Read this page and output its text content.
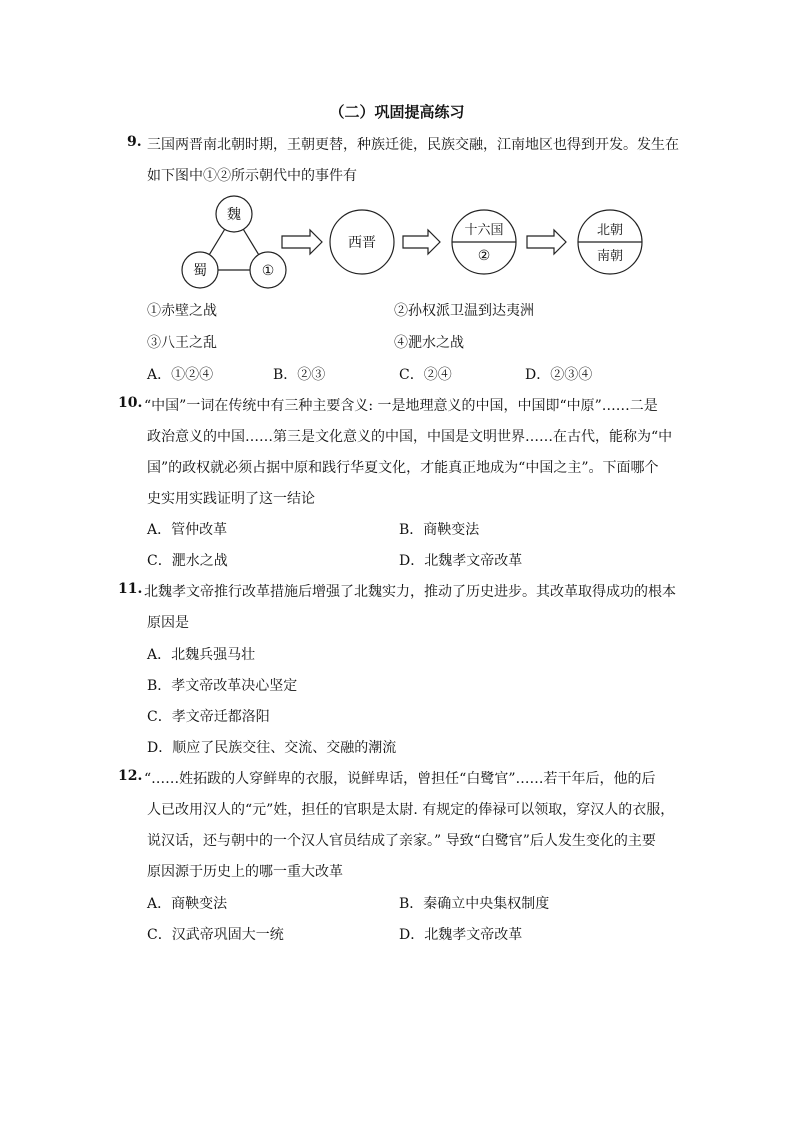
（二）巩固提高练习
9. 三国两晋南北朝时期，王朝更替，种族迁徙，民族交融，江南地区也得到开发。发生在
如下图中①②所示朝代中的事件有
魏
蜀	①
西晋
十六国
②
北朝
南朝
①赤壁之战	②孙权派卫温到达夷洲
③八王之乱	④淝水之战
A．①②④	B．②③	C．②④	D．②③④
10. “中国”一词在传统中有三种主要含义: 一是地理意义的中国，中国即“中原”……二是
政治意义的中国……第三是文化意义的中国，中国是文明世界……在古代，能称为“中
国”的政权就必须占据中原和践行华夏文化，才能真正地成为“中国之主”。下面哪个
史实用实践证明了这一结论
A．管仲改革	B．商鞅变法
C．淝水之战	D．北魏孝文帝改革
11. 北魏孝文帝推行改革措施后增强了北魏实力，推动了历史进步。其改革取得成功的根本
原因是
A．北魏兵强马壮
B．孝文帝改革决心坚定
C．孝文帝迁都洛阳
D．顺应了民族交往、交流、交融的潮流
12. “……姓拓跋的人穿鲜卑的衣服，说鲜卑话，曾担任“白鹭官”……若干年后，他的后
人已改用汉人的“元”姓，担任的官职是太尉. 有规定的俸禄可以领取，穿汉人的衣服，
说汉话，还与朝中的一个汉人官员结成了亲家。” 导致“白鹭官”后人发生变化的主要
原因源于历史上的哪一重大改革
A．商鞅变法	B．秦确立中央集权制度
C．汉武帝巩固大一统	D．北魏孝文帝改革
